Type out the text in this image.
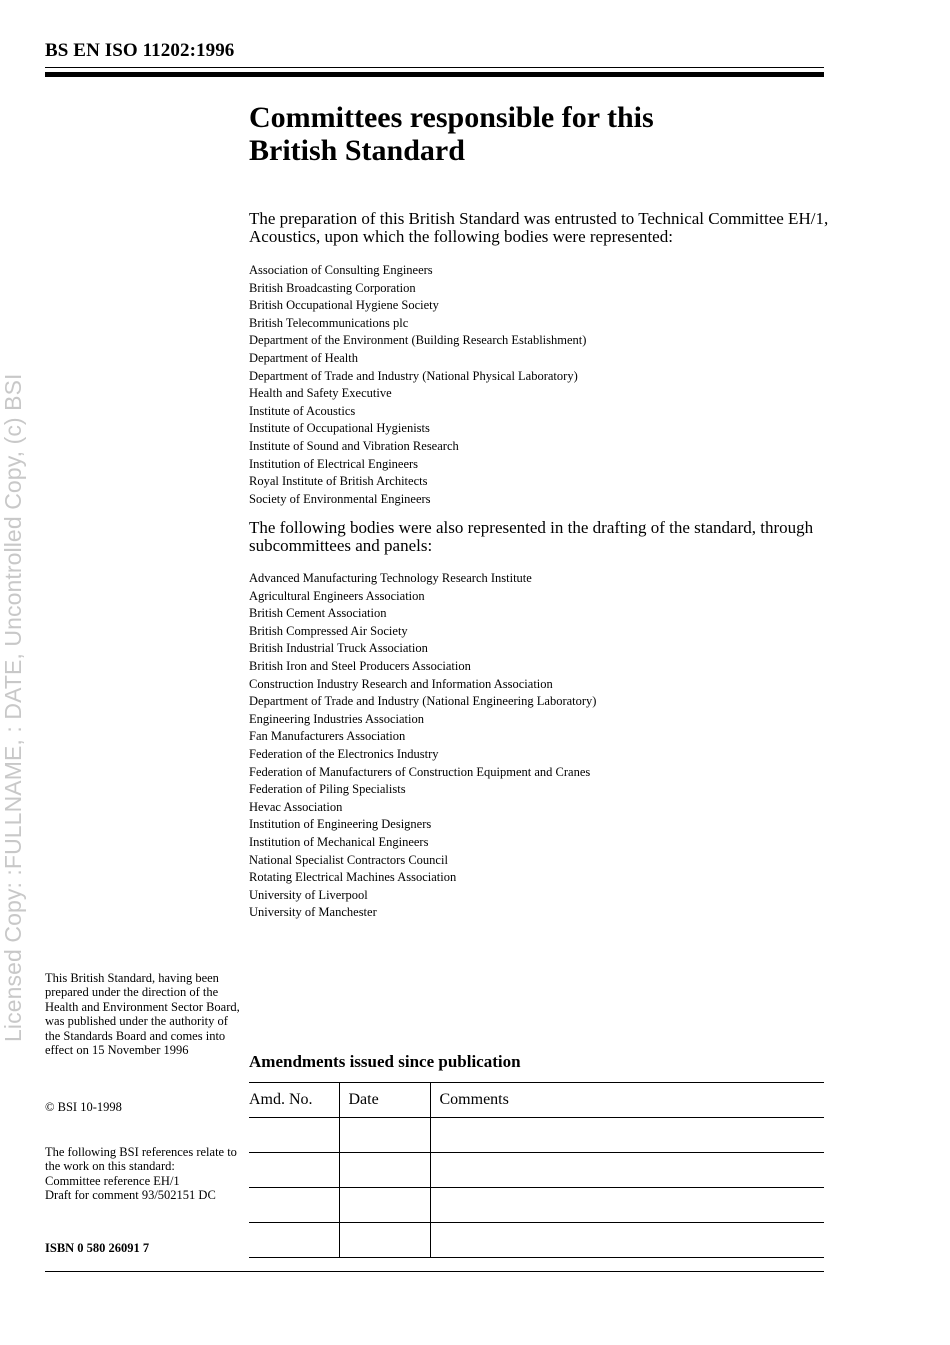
BS EN ISO 11202:1996
Committees responsible for this
British Standard
The preparation of this British Standard was entrusted to Technical Committee EH/1, Acoustics, upon which the following bodies were represented:
Association of Consulting Engineers
British Broadcasting Corporation
British Occupational Hygiene Society
British Telecommunications plc
Department of the Environment (Building Research Establishment)
Department of Health
Department of Trade and Industry (National Physical Laboratory)
Health and Safety Executive
Institute of Acoustics
Institute of Occupational Hygienists
Institute of Sound and Vibration Research
Institution of Electrical Engineers
Royal Institute of British Architects
Society of Environmental Engineers
The following bodies were also represented in the drafting of the standard, through subcommittees and panels:
Advanced Manufacturing Technology Research Institute
Agricultural Engineers Association
British Cement Association
British Compressed Air Society
British Industrial Truck Association
British Iron and Steel Producers Association
Construction Industry Research and Information Association
Department of Trade and Industry (National Engineering Laboratory)
Engineering Industries Association
Fan Manufacturers Association
Federation of the Electronics Industry
Federation of Manufacturers of Construction Equipment and Cranes
Federation of Piling Specialists
Hevac Association
Institution of Engineering Designers
Institution of Mechanical Engineers
National Specialist Contractors Council
Rotating Electrical Machines Association
University of Liverpool
University of Manchester
This British Standard, having been prepared under the direction of the Health and Environment Sector Board, was published under the authority of the Standards Board and comes into effect on 15 November 1996
© BSI 10-1998
The following BSI references relate to the work on this standard:
Committee reference EH/1
Draft for comment 93/502151 DC
ISBN 0 580 26091 7
Amendments issued since publication
Amd. No.	Date	Comments

Licensed Copy: :FULLNAME, : DATE, Uncontrolled Copy, (c) BSI
